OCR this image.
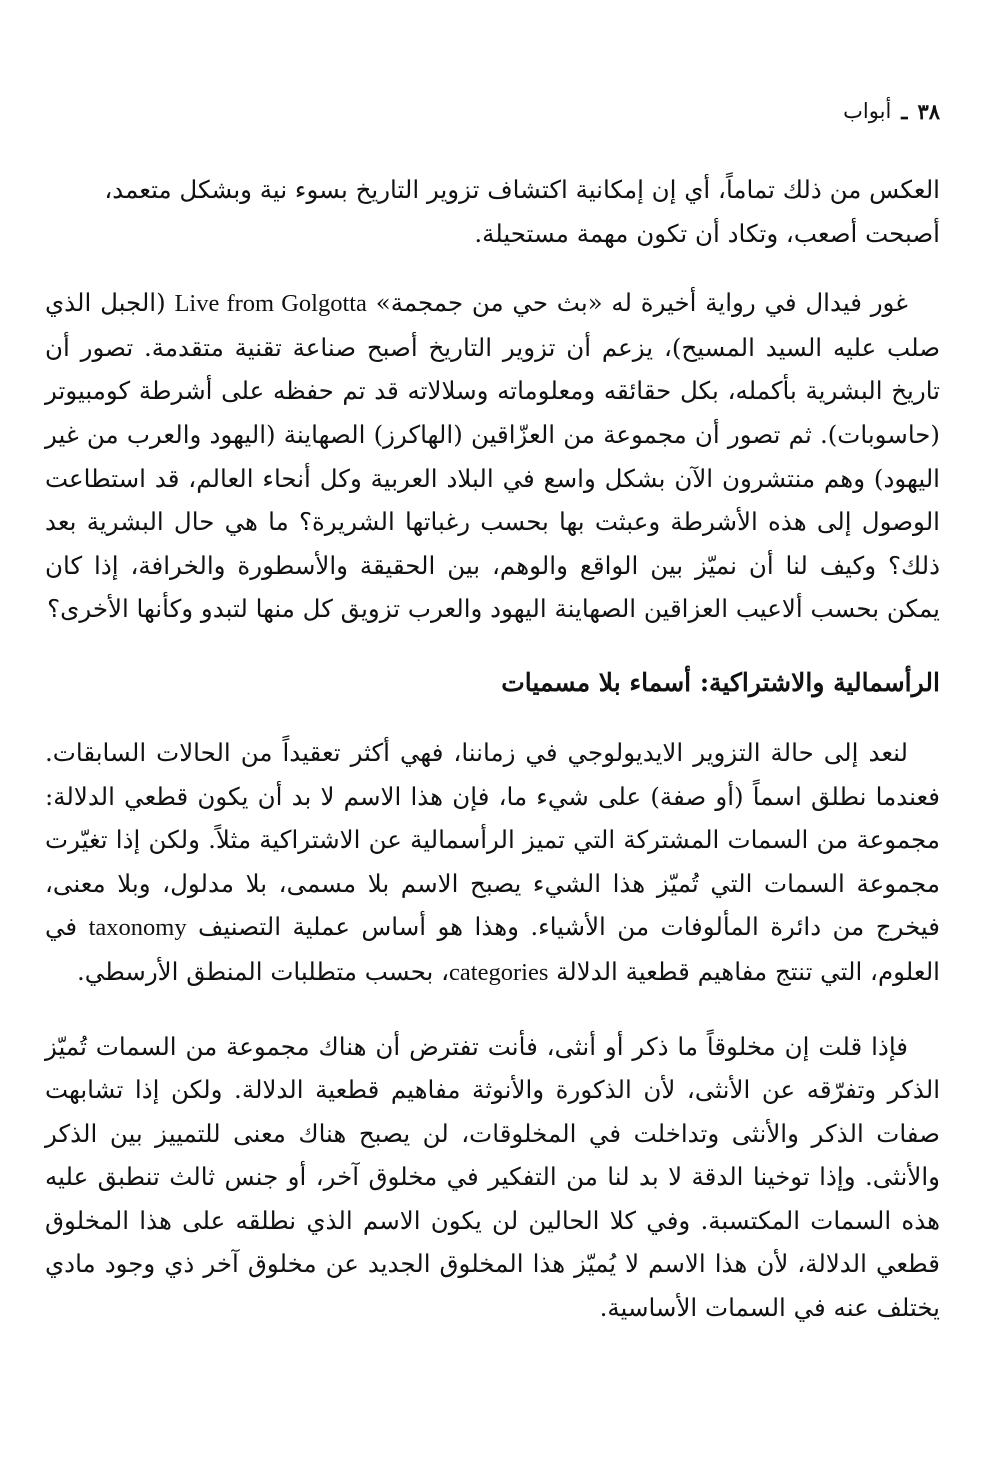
٣٨
ـ
أبواب

العكس من ذلك تماماً، أي إن إمكانية اكتشاف تزوير التاريخ بسوء نية وبشكل متعمد،
أصبحت أصعب، وتكاد أن تكون مهمة مستحيلة.

غور فيدال في رواية أخيرة له «بث حي من جمجمة» Live from Golgotta (الجبل الذي صلب عليه السيد المسيح)، يزعم أن تزوير التاريخ أصبح صناعة تقنية متقدمة. تصور أن تاريخ البشرية بأكمله، بكل حقائقه ومعلوماته وسلالاته قد تم حفظه على أشرطة كومبيوتر (حاسوبات). ثم تصور أن مجموعة من العزّاقين (الهاكرز) الصهاينة (اليهود والعرب من غير اليهود) وهم منتشرون الآن بشكل واسع في البلاد العربية وكل أنحاء العالم، قد استطاعت الوصول إلى هذه الأشرطة وعبثت بها بحسب رغباتها الشريرة؟ ما هي حال البشرية بعد ذلك؟ وكيف لنا أن نميّز بين الواقع والوهم، بين الحقيقة والأسطورة والخرافة، إذا كان يمكن بحسب ألاعيب العزاقين الصهاينة اليهود والعرب تزويق كل منها لتبدو وكأنها الأخرى؟

الرأسمالية والاشتراكية: أسماء بلا مسميات

لنعد إلى حالة التزوير الايديولوجي في زماننا، فهي أكثر تعقيداً من الحالات السابقات. فعندما نطلق اسماً (أو صفة) على شيء ما، فإن هذا الاسم لا بد أن يكون قطعي الدلالة: مجموعة من السمات المشتركة التي تميز الرأسمالية عن الاشتراكية مثلاً. ولكن إذا تغيّرت مجموعة السمات التي تُميّز هذا الشيء يصبح الاسم بلا مسمى، بلا مدلول، وبلا معنى، فيخرج من دائرة المألوفات من الأشياء. وهذا هو أساس عملية التصنيف taxonomy في العلوم، التي تنتج مفاهيم قطعية الدلالة categories، بحسب متطلبات المنطق الأرسطي.

فإذا قلت إن مخلوقاً ما ذكر أو أنثى، فأنت تفترض أن هناك مجموعة من السمات تُميّز الذكر وتفرّقه عن الأنثى، لأن الذكورة والأنوثة مفاهيم قطعية الدلالة. ولكن إذا تشابهت صفات الذكر والأنثى وتداخلت في المخلوقات، لن يصبح هناك معنى للتمييز بين الذكر والأنثى. وإذا توخينا الدقة لا بد لنا من التفكير في مخلوق آخر، أو جنس ثالث تنطبق عليه هذه السمات المكتسبة. وفي كلا الحالين لن يكون الاسم الذي نطلقه على هذا المخلوق قطعي الدلالة، لأن هذا الاسم لا يُميّز هذا المخلوق الجديد عن مخلوق آخر ذي وجود مادي يختلف عنه في السمات الأساسية.
